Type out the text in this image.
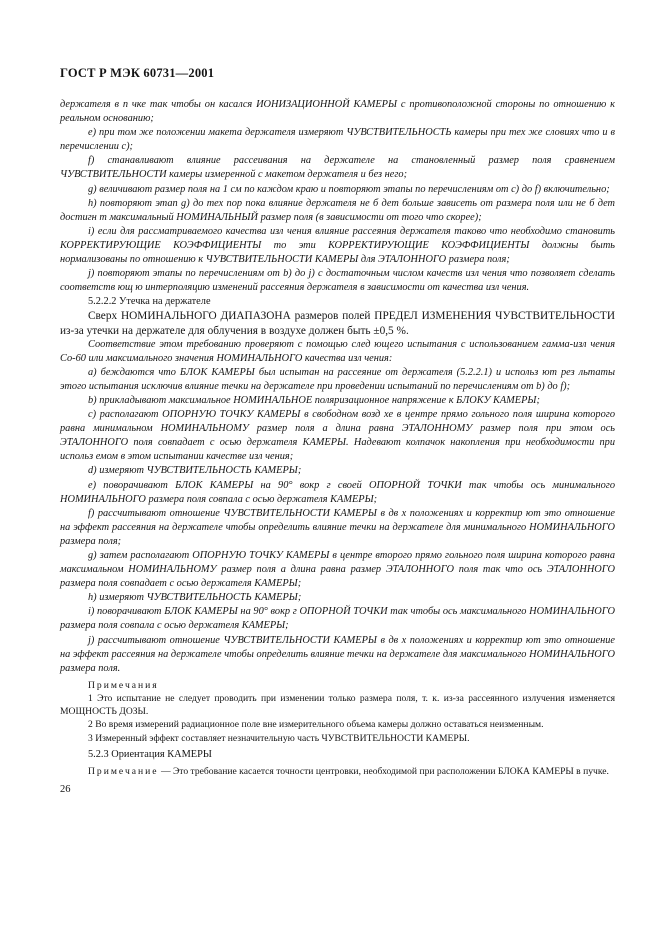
ГОСТ Р МЭК 60731—2001

держателя в п чке так чтобы он касался ИОНИЗАЦИОННОЙ КАМЕРЫ с противоположной стороны по отношению к реальном основанию;

е) при том же положении макета держателя измеряют ЧУВСТВИТЕЛЬНОСТЬ камеры при тех же словиях что и в перечислении с);

f) станавливают влияние рассеивания на держателе на становленный размер поля сравнением ЧУВСТВИТЕЛЬНОСТИ камеры измеренной с макетом держателя и без него;

g) величивают размер поля на 1 см по каждом краю и повторяют этапы по перечислениям от с) до f) включительно;

h) повторяют этап g) до тех пор пока влияние держателя не б дет больше зависеть от размера поля или не б дет достигн т максимальный НОМИНАЛЬНЫЙ размер поля (в зависимости от того что скорее);

i) если для рассматриваемого качества изл чения влияние рассеяния держателя таково что необходимо становить КОРРЕКТИРУЮЩИЕ КОЭФФИЦИЕНТЫ то эти КОРРЕКТИРУЮЩИЕ КОЭФФИЦИЕНТЫ должны быть нормализованы по отношению к ЧУВСТВИТЕЛЬНОСТИ КАМЕРЫ для ЭТАЛОННОГО размера поля;

j) повторяют этапы по перечислениям от b) до j) с достаточным числом качеств изл чения что позволяет сделать соответств ющ ю интерполяцию изменений рассеяния держателя в зависимости от качества изл чения.

5.2.2.2 Утечка на держателе

Сверх НОМИНАЛЬНОГО ДИАПАЗОНА размеров полей ПРЕДЕЛ ИЗМЕНЕНИЯ ЧУВСТВИТЕЛЬНОСТИ из-за утечки на держателе для облучения в воздухе должен быть ±0,5 %.

Соответствие этом требованию проверяют с помощью след ющего испытания с использованием гамма-изл чения Со-60 или максимального значения НОМИНАЛЬНОГО качества изл чения:

а) беждаются что БЛОК КАМЕРЫ был испытан на рассеяние от держателя (5.2.2.1) и использ ют рез льтаты этого испытания исключив влияние течки на держателе при проведении испытаний по перечислениям от b) до f);

b) прикладывают максимальное НОМИНАЛЬНОЕ поляризационное напряжение к БЛОКУ КАМЕРЫ;

с) располагают ОПОРНУЮ ТОЧКУ КАМЕРЫ в свободном возд хе в центре прямо гольного поля ширина которого равна минимальном НОМИНАЛЬНОМУ размер поля а длина равна ЭТАЛОННОМУ размер поля при этом ось ЭТАЛОННОГО поля совпадает с осью держателя КАМЕРЫ. Надевают колпачок накопления при необходимости при использ емом в этом испытании качестве изл чения;

d) измеряют ЧУВСТВИТЕЛЬНОСТЬ КАМЕРЫ;

е) поворачивают БЛОК КАМЕРЫ на 90° вокр г своей ОПОРНОЙ ТОЧКИ так чтобы ось минимального НОМИНАЛЬНОГО размера поля совпала с осью держателя КАМЕРЫ;

f) рассчитывают отношение ЧУВСТВИТЕЛЬНОСТИ КАМЕРЫ в дв х положениях и корректир ют это отношение на эффект рассеяния на держателе чтобы определить влияние течки на держателе для минимального НОМИНАЛЬНОГО размера поля;

g) затем располагают ОПОРНУЮ ТОЧКУ КАМЕРЫ в центре второго прямо гольного поля ширина которого равна максимальном НОМИНАЛЬНОМУ размер поля а длина равна размер ЭТАЛОННОГО поля так что ось ЭТАЛОННОГО размера поля совпадает с осью держателя КАМЕРЫ;

h) измеряют ЧУВСТВИТЕЛЬНОСТЬ КАМЕРЫ;

i) поворачивают БЛОК КАМЕРЫ на 90° вокр г ОПОРНОЙ ТОЧКИ так чтобы ось максимального НОМИНАЛЬНОГО размера поля совпала с осью держателя КАМЕРЫ;

j) рассчитывают отношение ЧУВСТВИТЕЛЬНОСТИ КАМЕРЫ в дв х положениях и корректир ют это отношение на эффект рассеяния на держателе чтобы определить влияние течки на держателе для максимального НОМИНАЛЬНОГО размера поля.

Примечания

1 Это испытание не следует проводить при изменении только размера поля, т. к. из-за рассеянного излучения изменяется МОЩНОСТЬ ДОЗЫ.

2 Во время измерений радиационное поле вне измерительного объема камеры должно оставаться неизменным.

3 Измеренный эффект составляет незначительную часть ЧУВСТВИТЕЛЬНОСТИ КАМЕРЫ.

5.2.3 Ориентация КАМЕРЫ

Примечание — Это требование касается точности центровки, необходимой при расположении БЛОКА КАМЕРЫ в пучке.

26
